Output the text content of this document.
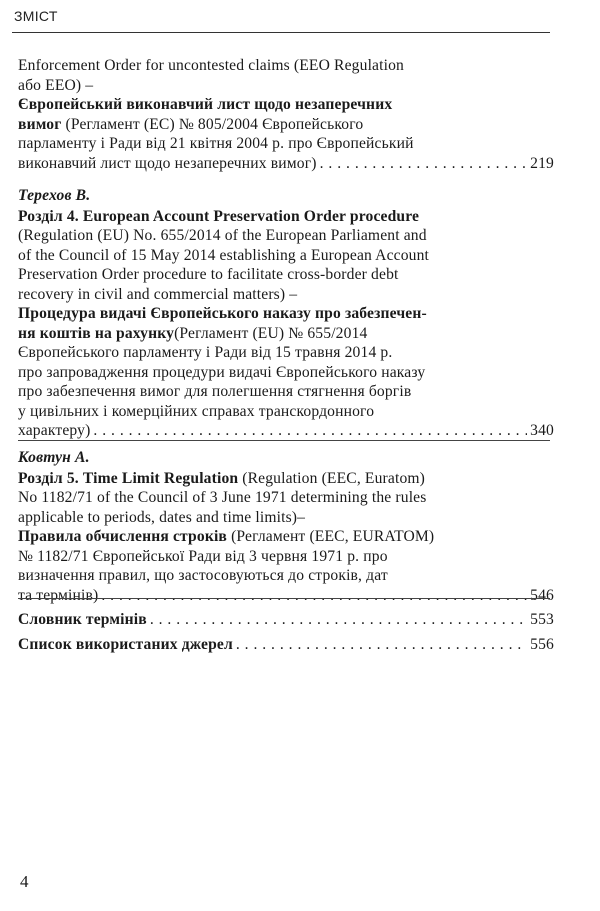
ЗМІСТ
Enforcement Order for uncontested claims (EEO Regulation
або EEO) –
Європейський виконавчий лист щодо незаперечних
вимог (Регламент (ЕС) № 805/2004 Європейського
парламенту і Ради від 21 квітня 2004 р. про Європейський
виконавчий лист щодо незаперечних вимог) . . .	219
Терехов В.
Розділ 4. European Account Preservation Order procedure
(Regulation (EU) No. 655/2014 of the European Parliament and
of the Council of 15 May 2014 establishing a European Account
Preservation Order procedure to facilitate cross-border debt
recovery in civil and commercial matters) –
Процедура видачі Європейського наказу про забезпечен-
ня коштів на рахунку(Регламент (EU) № 655/2014
Європейського парламенту і Ради від 15 травня 2014 р.
про запровадження процедури видачі Європейського наказу
про забезпечення вимог для полегшення стягнення боргів
у цивільних і комерційних справах транскордонного
характеру) . . .	340
Ковтун А.
Розділ 5. Time Limit Regulation (Regulation (EEC, Euratom)
No 1182/71 of the Council of 3 June 1971 determining the rules
applicable to periods, dates and time limits)–
Правила обчислення строків (Регламент (ЕЕС, EURATOM)
№ 1182/71 Європейської Ради від 3 червня 1971 р. про
визначення правил, що застосовуються до строків, дат
та термінів) . . .	546
Словник термінів . . .	553
Список використаних джерел . . .	556
4
